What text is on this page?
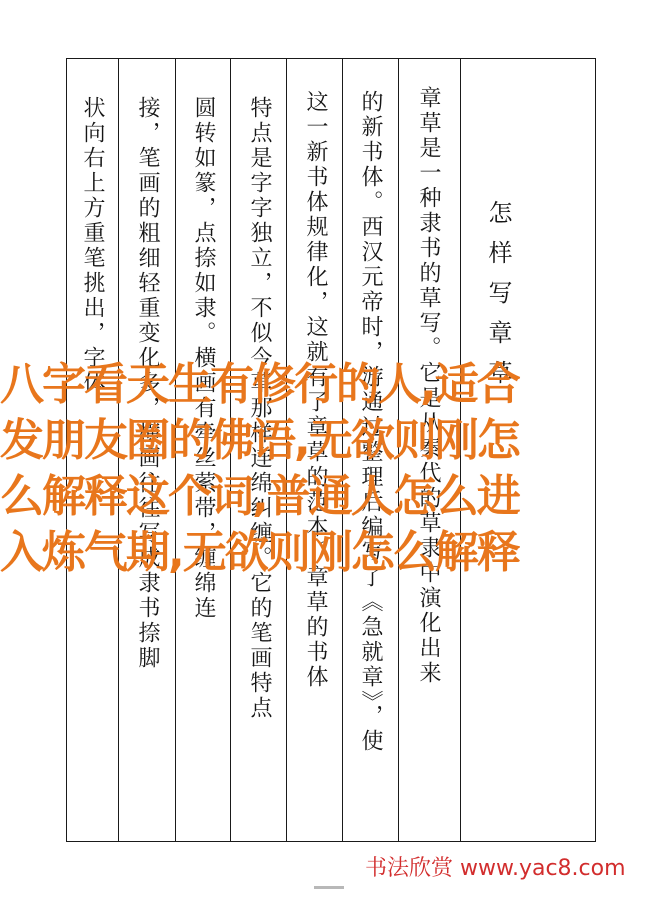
怎样写章草
章草是一种隶书的草写。它是从秦代的草隶中演化出来
的新书体。西汉元帝时，游通过整理后编写了《急就章》，使
这一新书体规律化，这就有了章草的范本。章草的书体
特点是字字独立，不似今草那样连绵纠缠。它的笔画特点
圆转如篆，点捺如隶。横画有牵丝萦带，缠绵连
接，笔画的粗细轻重变化多，横画往往写成隶书捺脚
状向右上方重笔挑出，字体
八字看天生有修行的人,适合
发朋友圈的佛语,无欲则刚怎
么解释这个词,普通人怎么进
入炼气期,无欲则刚怎么解释
书法欣赏 www.yac8.com
